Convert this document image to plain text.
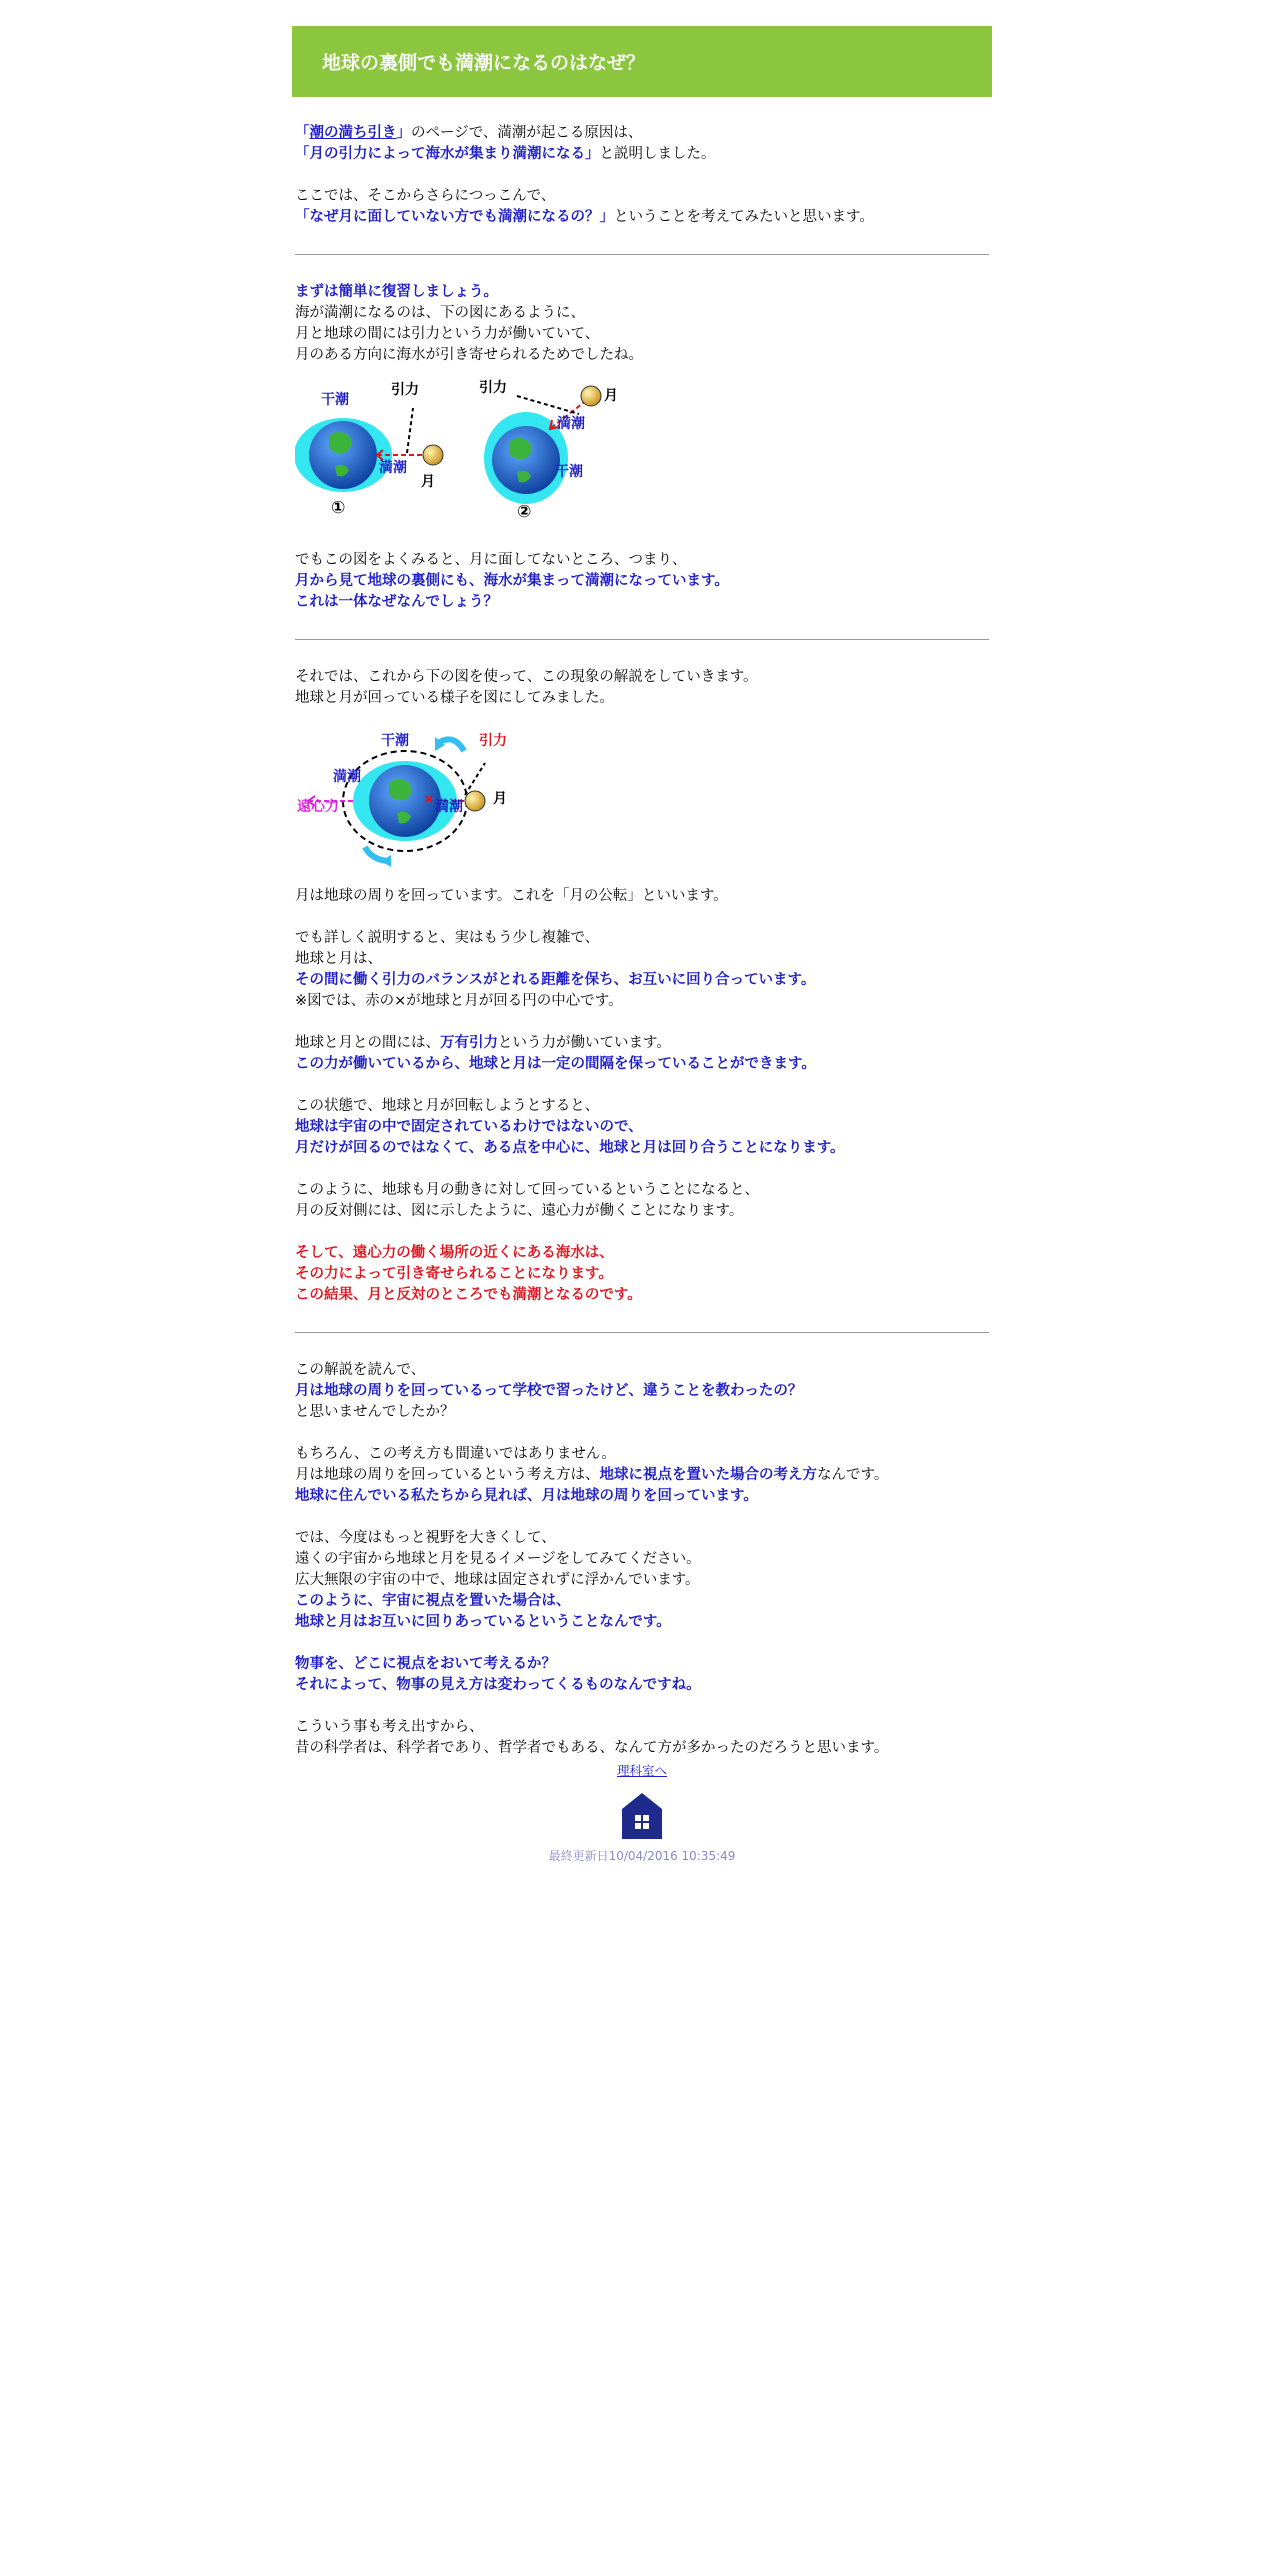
地球の裏側でも満潮になるのはなぜ？

「潮の満ち引き」のページで、満潮が起こる原因は、

「月の引力によって海水が集まり満潮になる」と説明しました。

ここでは、そこからさらにつっこんで、

「なぜ月に面していない方でも満潮になるの？」ということを考えてみたいと思います。

まずは簡単に復習しましょう。

海が満潮になるのは、下の図にあるように、

月と地球の間には引力という力が働いていて、

月のある方向に海水が引き寄せられるためでしたね。

干潮
引力
満潮
月
①
引力	月
満潮
干潮
②

でもこの図をよくみると、月に面してないところ、つまり、

月から見て地球の裏側にも、海水が集まって満潮になっています。

これは一体なぜなんでしょう？

それでは、これから下の図を使って、この現象の解説をしていきます。

地球と月が回っている様子を図にしてみました。

干潮	引力
満潮
遠心力	満潮 月

月は地球の周りを回っています。これを「月の公転」といいます。

でも詳しく説明すると、実はもう少し複雑で、

地球と月は、

その間に働く引力のバランスがとれる距離を保ち、お互いに回り合っています。

※図では、赤の×が地球と月が回る円の中心です。

地球と月との間には、万有引力という力が働いています。

この力が働いているから、地球と月は一定の間隔を保っていることができます。

この状態で、地球と月が回転しようとすると、

地球は宇宙の中で固定されているわけではないので、

月だけが回るのではなくて、ある点を中心に、地球と月は回り合うことになります。

このように、地球も月の動きに対して回っているということになると、

月の反対側には、図に示したように、遠心力が働くことになります。

そして、遠心力の働く場所の近くにある海水は、

その力によって引き寄せられることになります。

この結果、月と反対のところでも満潮となるのです。

この解説を読んで、

月は地球の周りを回っているって学校で習ったけど、違うことを教わったの？

と思いませんでしたか？

もちろん、この考え方も間違いではありません。

月は地球の周りを回っているという考え方は、地球に視点を置いた場合の考え方なんです。

地球に住んでいる私たちから見れば、月は地球の周りを回っています。

では、今度はもっと視野を大きくして、

遠くの宇宙から地球と月を見るイメージをしてみてください。

広大無限の宇宙の中で、地球は固定されずに浮かんでいます。

このように、宇宙に視点を置いた場合は、

地球と月はお互いに回りあっているということなんです。

物事を、どこに視点をおいて考えるか？

それによって、物事の見え方は変わってくるものなんですね。

こういう事も考え出すから、

昔の科学者は、科学者であり、哲学者でもある、なんて方が多かったのだろうと思います。

理科室へ
最終更新日10/04/2016 10:35:49
